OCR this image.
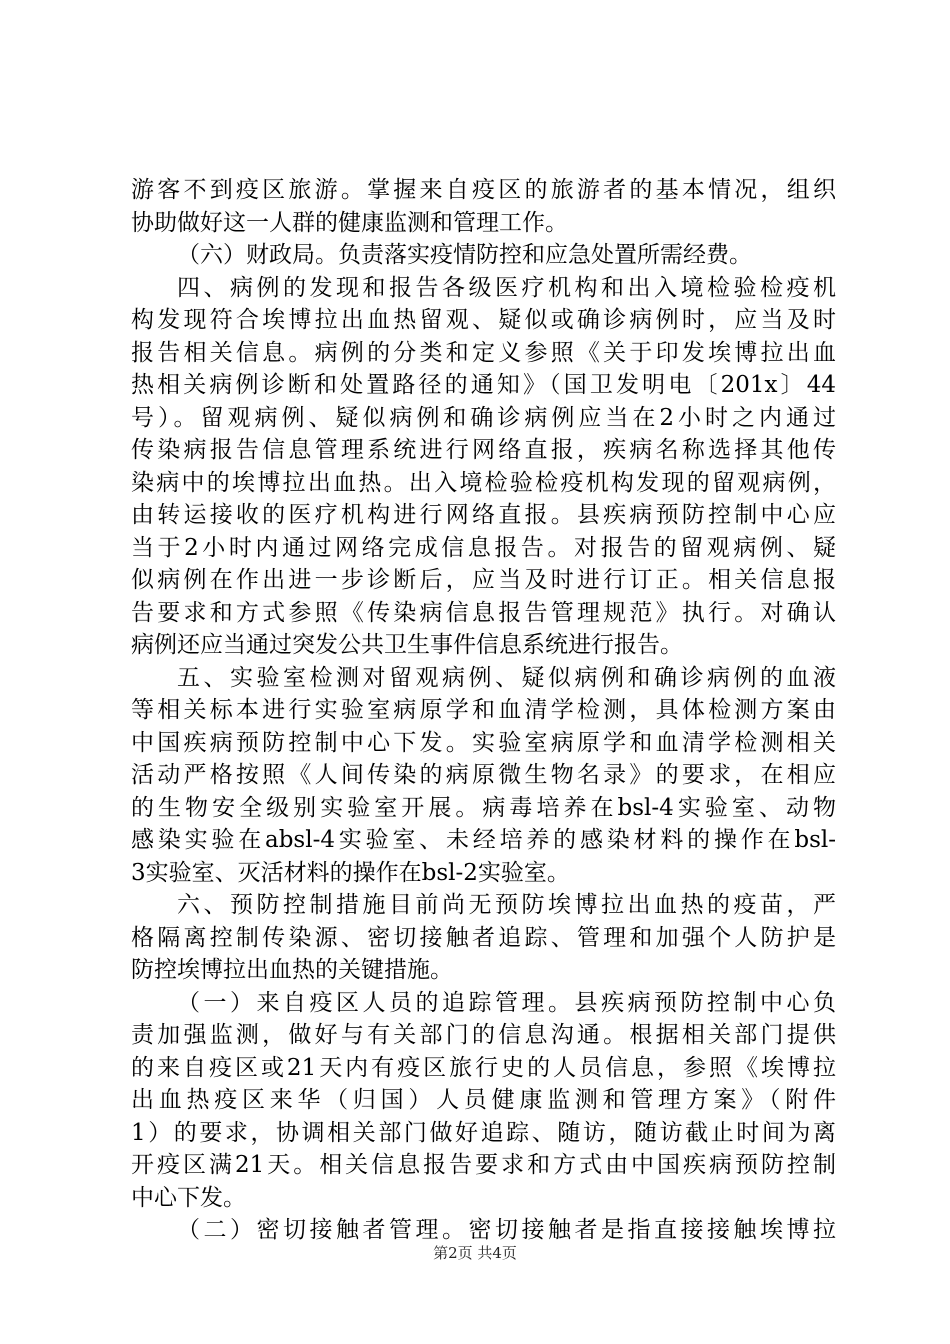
游客不到疫区旅游。掌握来自疫区的旅游者的基本情况，组织
协助做好这一人群的健康监测和管理工作。
（六）财政局。负责落实疫情防控和应急处置所需经费。
四、病例的发现和报告各级医疗机构和出入境检验检疫机
构发现符合埃博拉出血热留观、疑似或确诊病例时，应当及时
报告相关信息。病例的分类和定义参照《关于印发埃博拉出血
热相关病例诊断和处置路径的通知》（国卫发明电〔201x〕44
号）。留观病例、疑似病例和确诊病例应当在2小时之内通过
传染病报告信息管理系统进行网络直报，疾病名称选择其他传
染病中的埃博拉出血热。出入境检验检疫机构发现的留观病例，
由转运接收的医疗机构进行网络直报。县疾病预防控制中心应
当于2小时内通过网络完成信息报告。对报告的留观病例、疑
似病例在作出进一步诊断后，应当及时进行订正。相关信息报
告要求和方式参照《传染病信息报告管理规范》执行。对确认
病例还应当通过突发公共卫生事件信息系统进行报告。
五、实验室检测对留观病例、疑似病例和确诊病例的血液
等相关标本进行实验室病原学和血清学检测，具体检测方案由
中国疾病预防控制中心下发。实验室病原学和血清学检测相关
活动严格按照《人间传染的病原微生物名录》的要求，在相应
的生物安全级别实验室开展。病毒培养在bsl-4实验室、动物
感染实验在absl-4实验室、未经培养的感染材料的操作在bsl-
3实验室、灭活材料的操作在bsl-2实验室。
六、预防控制措施目前尚无预防埃博拉出血热的疫苗，严
格隔离控制传染源、密切接触者追踪、管理和加强个人防护是
防控埃博拉出血热的关键措施。
（一）来自疫区人员的追踪管理。县疾病预防控制中心负
责加强监测，做好与有关部门的信息沟通。根据相关部门提供
的来自疫区或21天内有疫区旅行史的人员信息，参照《埃博拉
出血热疫区来华（归国）人员健康监测和管理方案》（附件
1）的要求，协调相关部门做好追踪、随访，随访截止时间为离
开疫区满21天。相关信息报告要求和方式由中国疾病预防控制
中心下发。
（二）密切接触者管理。密切接触者是指直接接触埃博拉
第2页 共4页
